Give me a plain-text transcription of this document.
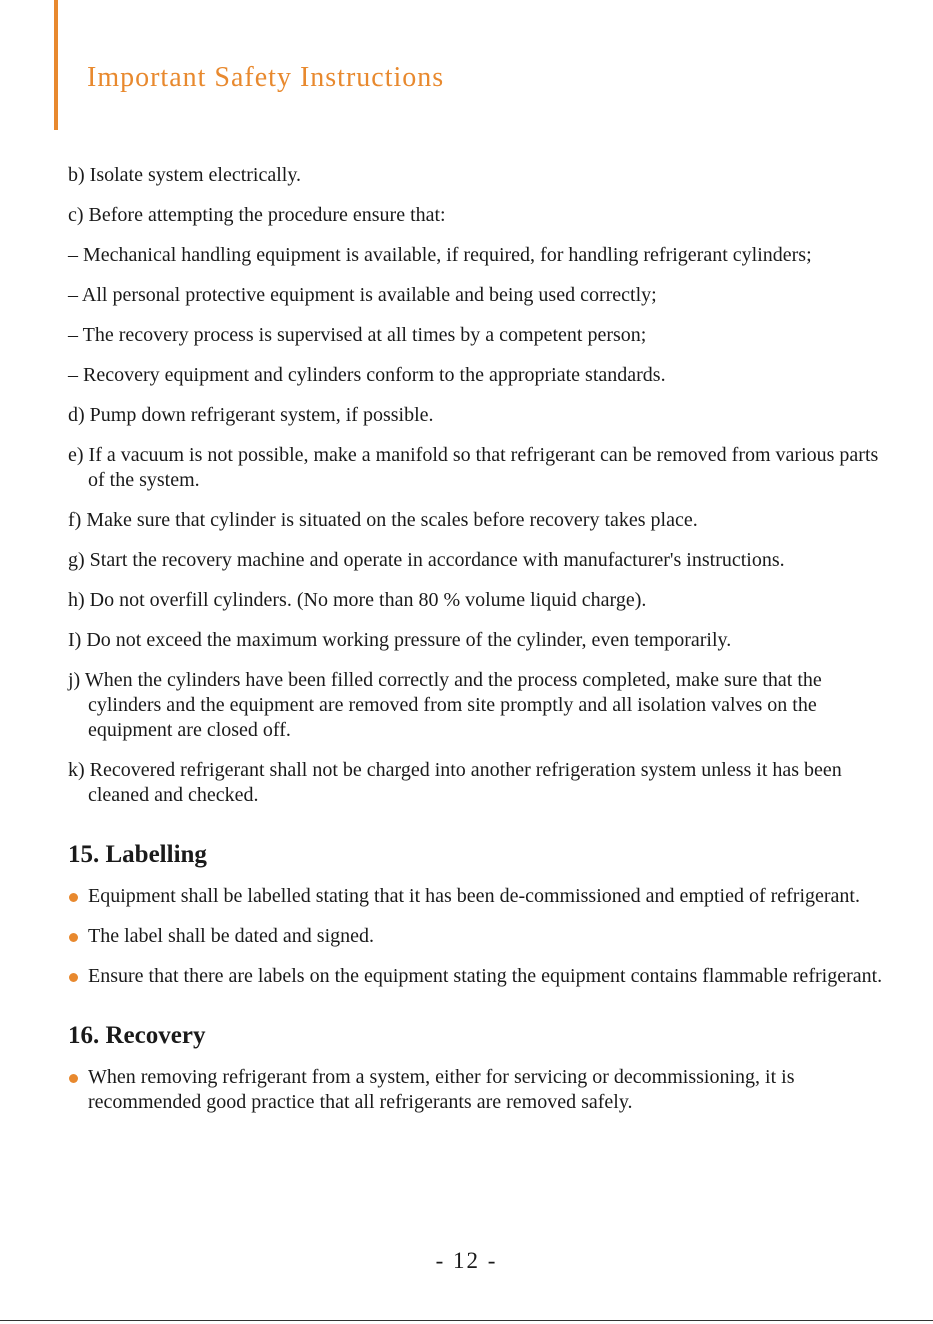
Important Safety Instructions

b) Isolate system electrically.

c) Before attempting the procedure ensure that:

– Mechanical handling equipment is available, if required, for handling refrigerant cylinders;

– All personal protective equipment is available and being used correctly;

– The recovery process is supervised at all times by a competent person;

– Recovery equipment and cylinders conform to the appropriate standards.

d) Pump down refrigerant system, if possible.

e) If a vacuum is not possible, make a manifold so that refrigerant can be removed from various parts of the system.

f) Make sure that cylinder is situated on the scales before recovery takes place.

g) Start the recovery machine and operate in accordance with manufacturer's instructions.

h) Do not overfill cylinders. (No more than 80 % volume liquid charge).

I) Do not exceed the maximum working pressure of the cylinder, even temporarily.

j) When the cylinders have been filled correctly and the process completed, make sure that the cylinders and the equipment are removed from site promptly and all isolation valves on the equipment are closed off.

k) Recovered refrigerant shall not be charged into another refrigeration system unless it has been cleaned and checked.

15. Labelling
Equipment shall be labelled stating that it has been de-commissioned and emptied of refrigerant.
The label shall be dated and signed.
Ensure that there are labels on the equipment stating the equipment contains flammable refrigerant.
16. Recovery
When removing refrigerant from a system, either for servicing or decommissioning, it is recommended good practice that all refrigerants are removed safely.
- 12 -
